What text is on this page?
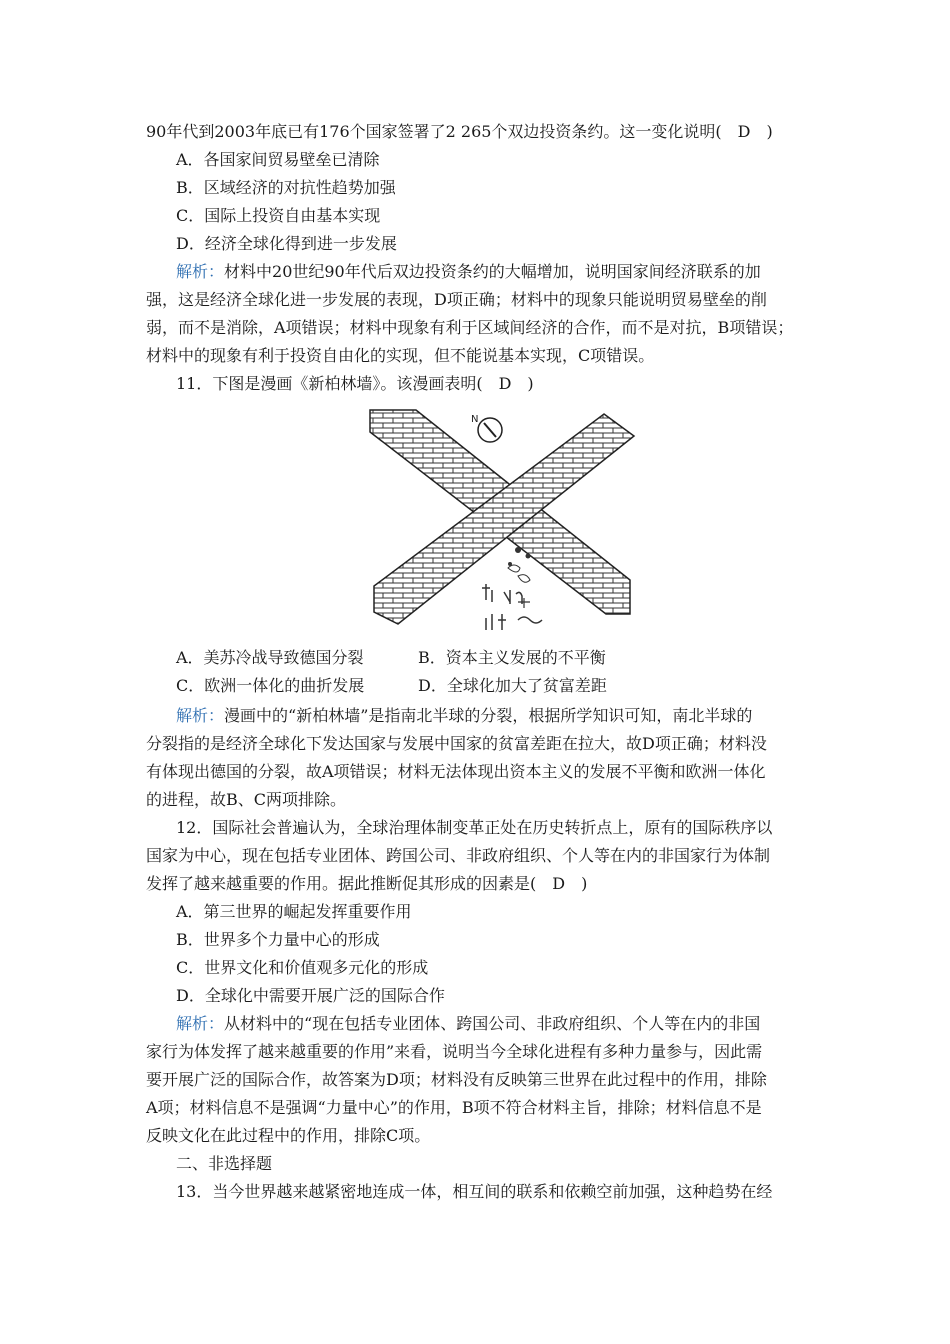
90年代到2003年底已有176个国家签署了2 265个双边投资条约。这一变化说明(　D　)
A．各国家间贸易壁垒已清除
B．区域经济的对抗性趋势加强
C．国际上投资自由基本实现
D．经济全球化得到进一步发展
解析：材料中20世纪90年代后双边投资条约的大幅增加，说明国家间经济联系的加
强，这是经济全球化进一步发展的表现，D项正确；材料中的现象只能说明贸易壁垒的削
弱，而不是消除，A项错误；材料中现象有利于区域间经济的合作，而不是对抗，B项错误；
材料中的现象有利于投资自由化的实现，但不能说基本实现，C项错误。
11．下图是漫画《新柏林墙》。该漫画表明(　D　)
N
A．美苏冷战导致德国分裂	B．资本主义发展的不平衡
C．欧洲一体化的曲折发展	D．全球化加大了贫富差距
解析：漫画中的“新柏林墙”是指南北半球的分裂，根据所学知识可知，南北半球的
分裂指的是经济全球化下发达国家与发展中国家的贫富差距在拉大，故D项正确；材料没
有体现出德国的分裂，故A项错误；材料无法体现出资本主义的发展不平衡和欧洲一体化
的进程，故B、C两项排除。
12．国际社会普遍认为，全球治理体制变革正处在历史转折点上，原有的国际秩序以
国家为中心，现在包括专业团体、跨国公司、非政府组织、个人等在内的非国家行为体制
发挥了越来越重要的作用。据此推断促其形成的因素是(　D　)
A．第三世界的崛起发挥重要作用
B．世界多个力量中心的形成
C．世界文化和价值观多元化的形成
D．全球化中需要开展广泛的国际合作
解析：从材料中的“现在包括专业团体、跨国公司、非政府组织、个人等在内的非国
家行为体发挥了越来越重要的作用”来看，说明当今全球化进程有多种力量参与，因此需
要开展广泛的国际合作，故答案为D项；材料没有反映第三世界在此过程中的作用，排除
A项；材料信息不是强调“力量中心”的作用，B项不符合材料主旨，排除；材料信息不是
反映文化在此过程中的作用，排除C项。
二、非选择题
13．当今世界越来越紧密地连成一体，相互间的联系和依赖空前加强，这种趋势在经
